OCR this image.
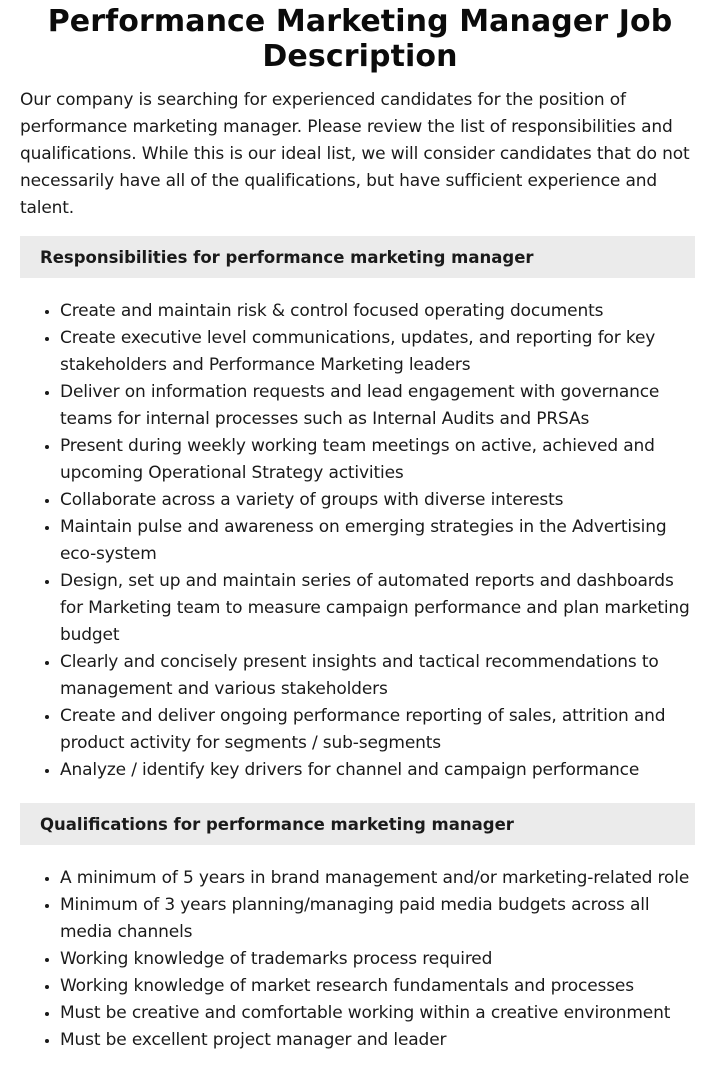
Performance Marketing Manager Job Description

Our company is searching for experienced candidates for the position of performance marketing manager. Please review the list of responsibilities and qualifications. While this is our ideal list, we will consider candidates that do not necessarily have all of the qualifications, but have sufficient experience and talent.

Responsibilities for performance marketing manager
• Create and maintain risk & control focused operating documents
• Create executive level communications, updates, and reporting for key stakeholders and Performance Marketing leaders
• Deliver on information requests and lead engagement with governance teams for internal processes such as Internal Audits and PRSAs
• Present during weekly working team meetings on active, achieved and upcoming Operational Strategy activities
• Collaborate across a variety of groups with diverse interests
• Maintain pulse and awareness on emerging strategies in the Advertising eco-system
• Design, set up and maintain series of automated reports and dashboards for Marketing team to measure campaign performance and plan marketing budget
• Clearly and concisely present insights and tactical recommendations to management and various stakeholders
• Create and deliver ongoing performance reporting of sales, attrition and product activity for segments / sub-segments
• Analyze / identify key drivers for channel and campaign performance
Qualifications for performance marketing manager
• A minimum of 5 years in brand management and/or marketing-related role
• Minimum of 3 years planning/managing paid media budgets across all media channels
• Working knowledge of trademarks process required
• Working knowledge of market research fundamentals and processes
• Must be creative and comfortable working within a creative environment
• Must be excellent project manager and leader
